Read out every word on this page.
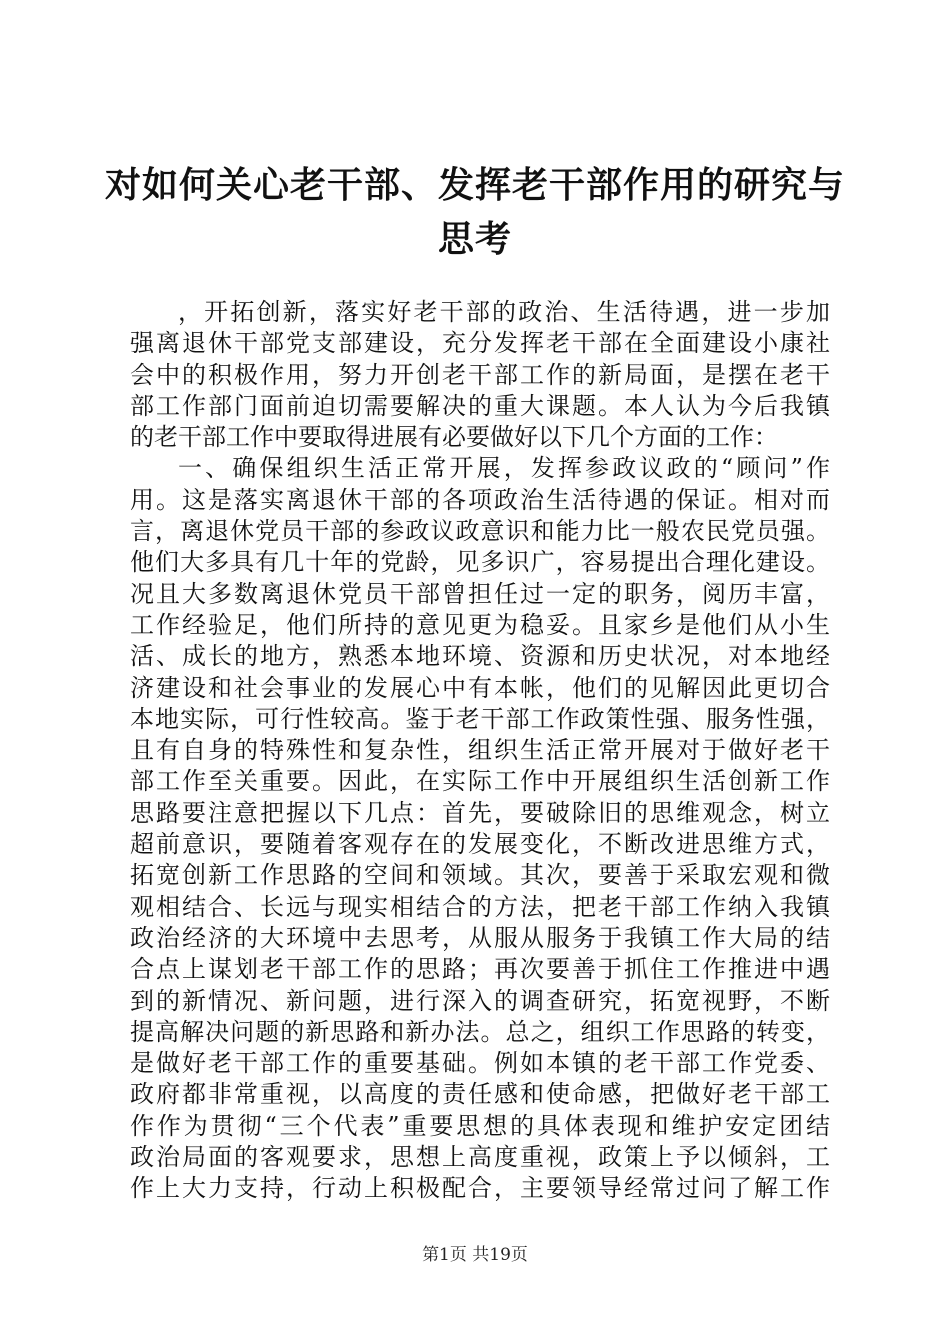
对如何关心老干部、发挥老干部作用的研究与
思考
，开拓创新，落实好老干部的政治、生活待遇，进一步加
强离退休干部党支部建设，充分发挥老干部在全面建设小康社
会中的积极作用，努力开创老干部工作的新局面，是摆在老干
部工作部门面前迫切需要解决的重大课题。本人认为今后我镇
的老干部工作中要取得进展有必要做好以下几个方面的工作：
一、确保组织生活正常开展，发挥参政议政的“顾问”作
用。这是落实离退休干部的各项政治生活待遇的保证。相对而
言，离退休党员干部的参政议政意识和能力比一般农民党员强。
他们大多具有几十年的党龄，见多识广，容易提出合理化建设。
况且大多数离退休党员干部曾担任过一定的职务，阅历丰富，
工作经验足，他们所持的意见更为稳妥。且家乡是他们从小生
活、成长的地方，熟悉本地环境、资源和历史状况，对本地经
济建设和社会事业的发展心中有本帐，他们的见解因此更切合
本地实际，可行性较高。鉴于老干部工作政策性强、服务性强，
且有自身的特殊性和复杂性，组织生活正常开展对于做好老干
部工作至关重要。因此，在实际工作中开展组织生活创新工作
思路要注意把握以下几点：首先，要破除旧的思维观念，树立
超前意识，要随着客观存在的发展变化，不断改进思维方式，
拓宽创新工作思路的空间和领域。其次，要善于采取宏观和微
观相结合、长远与现实相结合的方法，把老干部工作纳入我镇
政治经济的大环境中去思考，从服从服务于我镇工作大局的结
合点上谋划老干部工作的思路；再次要善于抓住工作推进中遇
到的新情况、新问题，进行深入的调查研究，拓宽视野，不断
提高解决问题的新思路和新办法。总之，组织工作思路的转变，
是做好老干部工作的重要基础。例如本镇的老干部工作党委、
政府都非常重视，以高度的责任感和使命感，把做好老干部工
作作为贯彻“三个代表”重要思想的具体表现和维护安定团结
政治局面的客观要求，思想上高度重视，政策上予以倾斜，工
作上大力支持，行动上积极配合，主要领导经常过问了解工作
第1页 共19页
